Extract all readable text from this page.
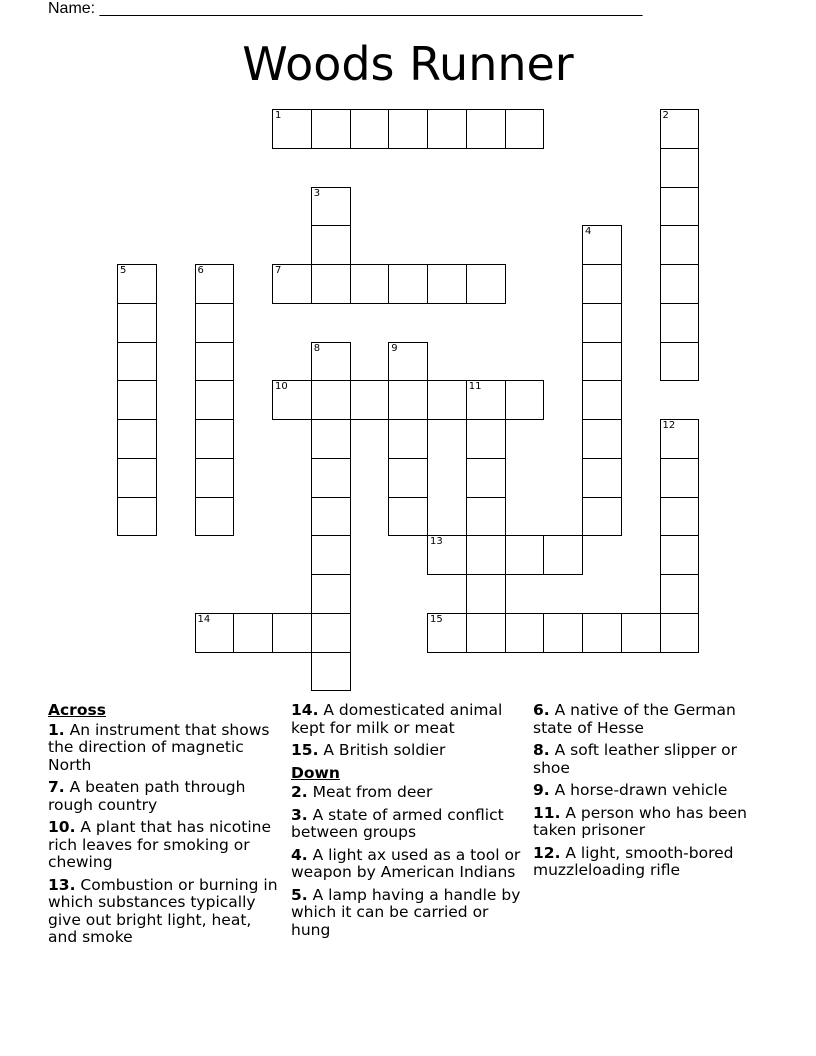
Name: _____________________________________________________________
Woods Runner
1	2
3
4
5	6	7
8	9
10	11
12
13
14	15
Across
1. An instrument that shows the direction of magnetic North
7. A beaten path through rough country
10. A plant that has nicotine rich leaves for smoking or chewing
13. Combustion or burning in which substances typically give out bright light, heat, and smoke
14. A domesticated animal kept for milk or meat
15. A British soldier
Down
2. Meat from deer
3. A state of armed conflict between groups
4. A light ax used as a tool or weapon by American Indians
5. A lamp having a handle by which it can be carried or hung
6. A native of the German state of Hesse
8. A soft leather slipper or shoe
9. A horse-drawn vehicle
11. A person who has been taken prisoner
12. A light, smooth-bored muzzleloading rifle
